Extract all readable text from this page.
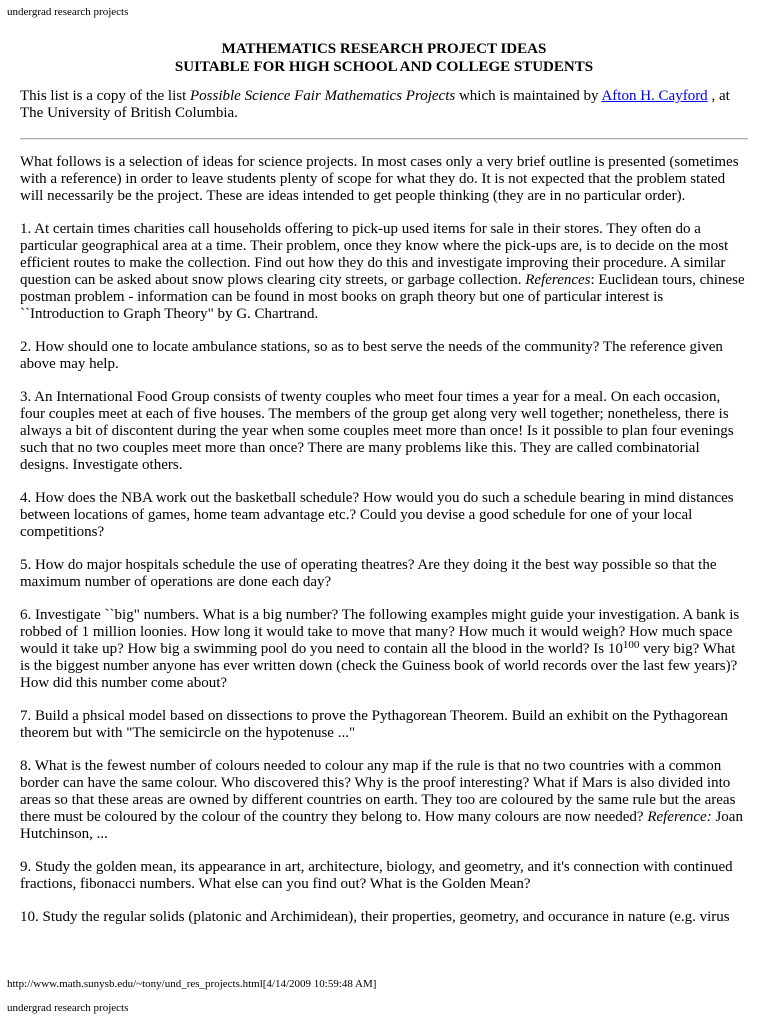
undergrad research projects
MATHEMATICS RESEARCH PROJECT IDEAS
SUITABLE FOR HIGH SCHOOL AND COLLEGE STUDENTS

This list is a copy of the list Possible Science Fair Mathematics Projects which is maintained by Afton H. Cayford , at The University of British Columbia.

What follows is a selection of ideas for science projects. In most cases only a very brief outline is presented (sometimes with a reference) in order to leave students plenty of scope for what they do. It is not expected that the problem stated will necessarily be the project. These are ideas intended to get people thinking (they are in no particular order).

1. At certain times charities call households offering to pick-up used items for sale in their stores. They often do a particular geographical area at a time. Their problem, once they know where the pick-ups are, is to decide on the most efficient routes to make the collection. Find out how they do this and investigate improving their procedure. A similar question can be asked about snow plows clearing city streets, or garbage collection. References: Euclidean tours, chinese postman problem - information can be found in most books on graph theory but one of particular interest is ``Introduction to Graph Theory" by G. Chartrand.

2. How should one to locate ambulance stations, so as to best serve the needs of the community? The reference given above may help.

3. An International Food Group consists of twenty couples who meet four times a year for a meal. On each occasion, four couples meet at each of five houses. The members of the group get along very well together; nonetheless, there is always a bit of discontent during the year when some couples meet more than once! Is it possible to plan four evenings such that no two couples meet more than once? There are many problems like this. They are called combinatorial designs. Investigate others.

4. How does the NBA work out the basketball schedule? How would you do such a schedule bearing in mind distances between locations of games, home team advantage etc.? Could you devise a good schedule for one of your local competitions?

5. How do major hospitals schedule the use of operating theatres? Are they doing it the best way possible so that the maximum number of operations are done each day?

6. Investigate ``big" numbers. What is a big number? The following examples might guide your investigation. A bank is robbed of 1 million loonies. How long it would take to move that many? How much it would weigh? How much space would it take up? How big a swimming pool do you need to contain all the blood in the world? Is $10^{100}$ very big? What is the biggest number anyone has ever written down (check the Guiness book of world records over the last few years)? How did this number come about?

7. Build a phsical model based on dissections to prove the Pythagorean Theorem. Build an exhibit on the Pythagorean theorem but with "The semicircle on the hypotenuse ..."

8. What is the fewest number of colours needed to colour any map if the rule is that no two countries with a common border can have the same colour. Who discovered this? Why is the proof interesting? What if Mars is also divided into areas so that these areas are owned by different countries on earth. They too are coloured by the same rule but the areas there must be coloured by the colour of the country they belong to. How many colours are now needed? Reference: Joan Hutchinson, ...

9. Study the golden mean, its appearance in art, architecture, biology, and geometry, and it's connection with continued fractions, fibonacci numbers. What else can you find out? What is the Golden Mean?

10. Study the regular solids (platonic and Archimidean), their properties, geometry, and occurance in nature (e.g. virus

http://www.math.sunysb.edu/~tony/und_res_projects.html[4/14/2009 10:59:48 AM]
undergrad research projects
